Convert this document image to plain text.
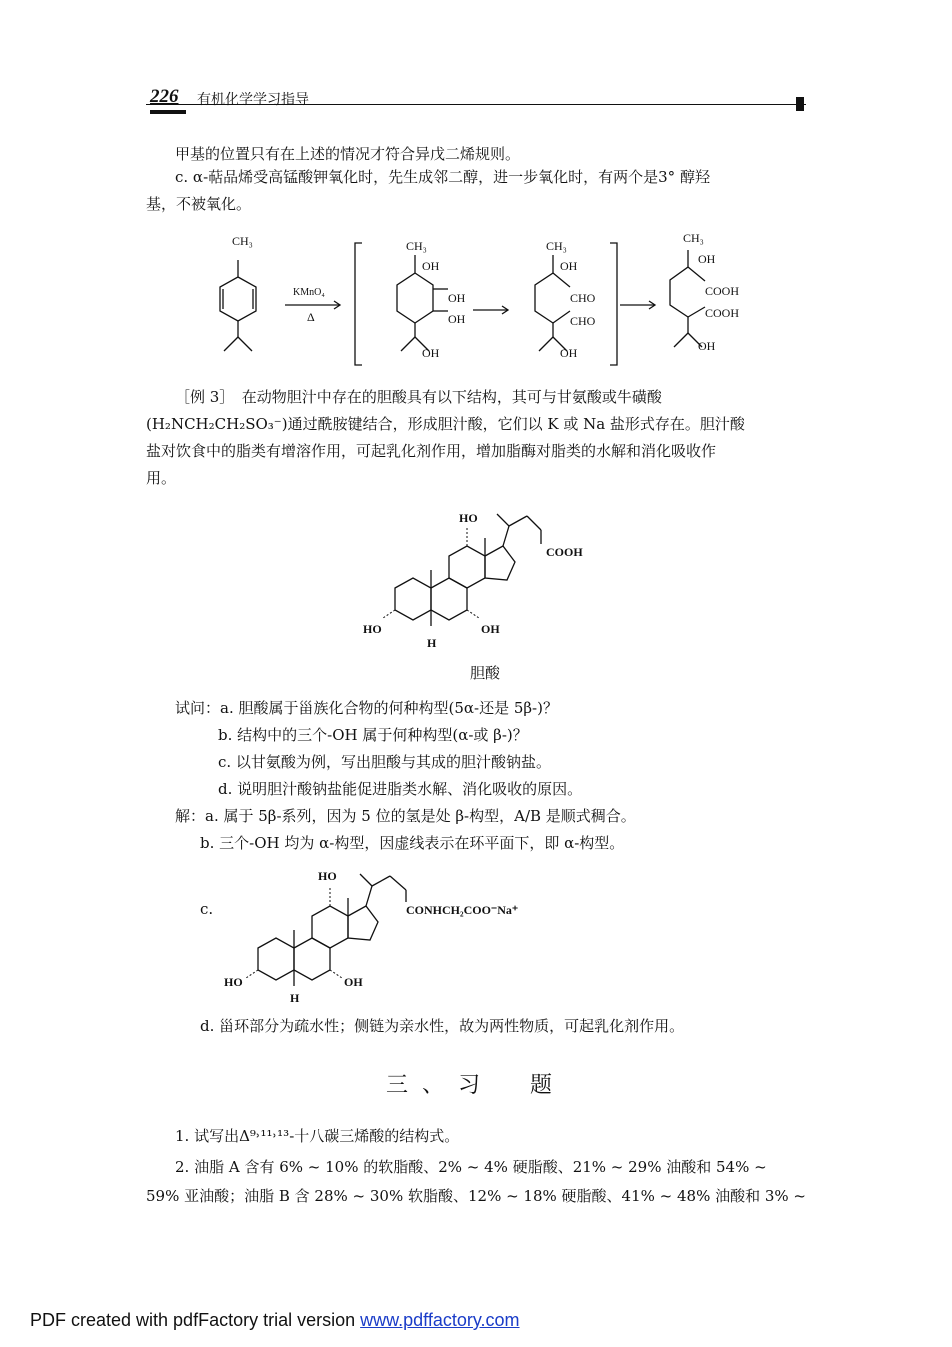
226 有机化学学习指导

甲基的位置只有在上述的情况才符合异戊二烯规则。

c. α-萜品烯受高锰酸钾氧化时，先生成邻二醇，进一步氧化时，有两个是3° 醇羟

基，不被氧化。

CH₃
KMnO₄
Δ
CH₃
OH
OH
OH
OH
CH₃
OH
CHO
CHO
OH
CH₃
OH
COOH
COOH
OH

［例 3］　在动物胆汁中存在的胆酸具有以下结构，其可与甘氨酸或牛磺酸

(H₂NCH₂CH₂SO₃⁻)通过酰胺键结合，形成胆汁酸，它们以 K 或 Na 盐形式存在。胆汁酸

盐对饮食中的脂类有增溶作用，可起乳化剂作用，增加脂酶对脂类的水解和消化吸收作

用。

HO
COOH
HO	OH
H

胆酸

试问：a. 胆酸属于甾族化合物的何种构型(5α-还是 5β-)？

b. 结构中的三个-OH 属于何种构型(α-或 β-)？

c. 以甘氨酸为例，写出胆酸与其成的胆汁酸钠盐。

d. 说明胆汁酸钠盐能促进脂类水解、消化吸收的原因。

解：a. 属于 5β-系列，因为 5 位的氢是处 β-构型，A/B 是顺式稠合。

b. 三个-OH 均为 α-构型，因虚线表示在环平面下，即 α-构型。

c.

HO
CONHCH₂COO⁻Na⁺
HO	OH
H

d. 甾环部分为疏水性；侧链为亲水性，故为两性物质，可起乳化剂作用。

三、习　题

1. 试写出Δ⁹˒¹¹˒¹³-十八碳三烯酸的结构式。

2. 油脂 A 含有 6% ~ 10% 的软脂酸、2% ~ 4% 硬脂酸、21% ~ 29% 油酸和 54% ~

59% 亚油酸；油脂 B 含 28% ~ 30% 软脂酸、12% ~ 18% 硬脂酸、41% ~ 48% 油酸和 3% ~

PDF created with pdfFactory trial version www.pdffactory.com
